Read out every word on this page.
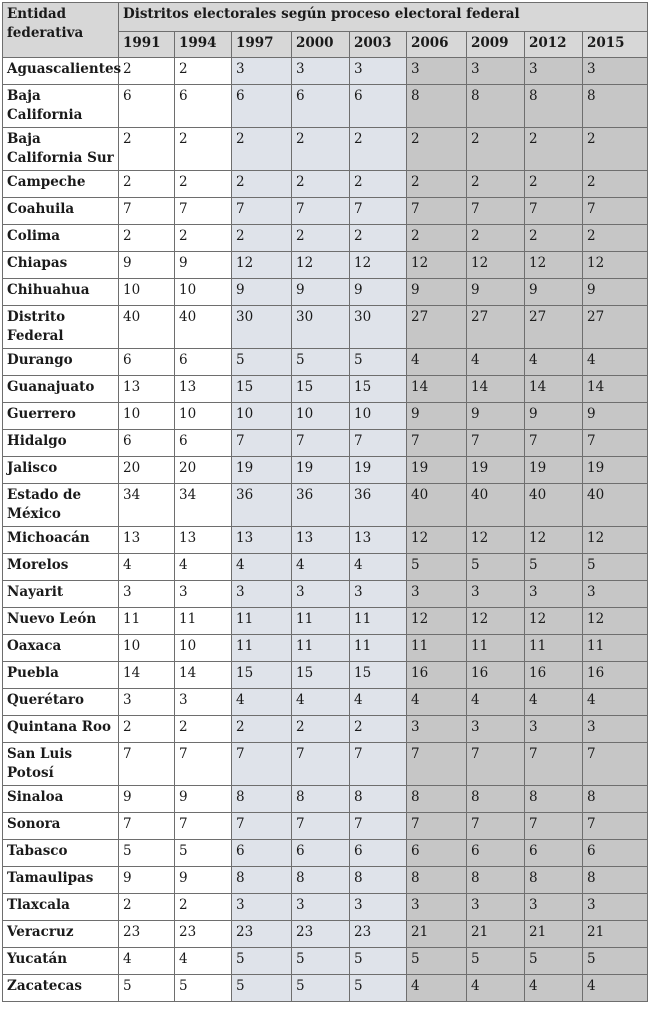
Entidad federativa	Distritos electorales según proceso electoral federal								
	1991	1994	1997	2000	2003	2006	2009	2012	2015
Aguascalientes	2	2	3	3	3	3	3	3	3
Baja California	6	6	6	6	6	8	8	8	8
Baja California Sur	2	2	2	2	2	2	2	2	2
Campeche	2	2	2	2	2	2	2	2	2
Coahuila	7	7	7	7	7	7	7	7	7
Colima	2	2	2	2	2	2	2	2	2
Chiapas	9	9	12	12	12	12	12	12	12
Chihuahua	10	10	9	9	9	9	9	9	9
Distrito Federal	40	40	30	30	30	27	27	27	27
Durango	6	6	5	5	5	4	4	4	4
Guanajuato	13	13	15	15	15	14	14	14	14
Guerrero	10	10	10	10	10	9	9	9	9
Hidalgo	6	6	7	7	7	7	7	7	7
Jalisco	20	20	19	19	19	19	19	19	19
Estado de México	34	34	36	36	36	40	40	40	40
Michoacán	13	13	13	13	13	12	12	12	12
Morelos	4	4	4	4	4	5	5	5	5
Nayarit	3	3	3	3	3	3	3	3	3
Nuevo León	11	11	11	11	11	12	12	12	12
Oaxaca	10	10	11	11	11	11	11	11	11
Puebla	14	14	15	15	15	16	16	16	16
Querétaro	3	3	4	4	4	4	4	4	4
Quintana Roo	2	2	2	2	2	3	3	3	3
San Luis Potosí	7	7	7	7	7	7	7	7	7
Sinaloa	9	9	8	8	8	8	8	8	8
Sonora	7	7	7	7	7	7	7	7	7
Tabasco	5	5	6	6	6	6	6	6	6
Tamaulipas	9	9	8	8	8	8	8	8	8
Tlaxcala	2	2	3	3	3	3	3	3	3
Veracruz	23	23	23	23	23	21	21	21	21
Yucatán	4	4	5	5	5	5	5	5	5
Zacatecas	5	5	5	5	5	4	4	4	4
